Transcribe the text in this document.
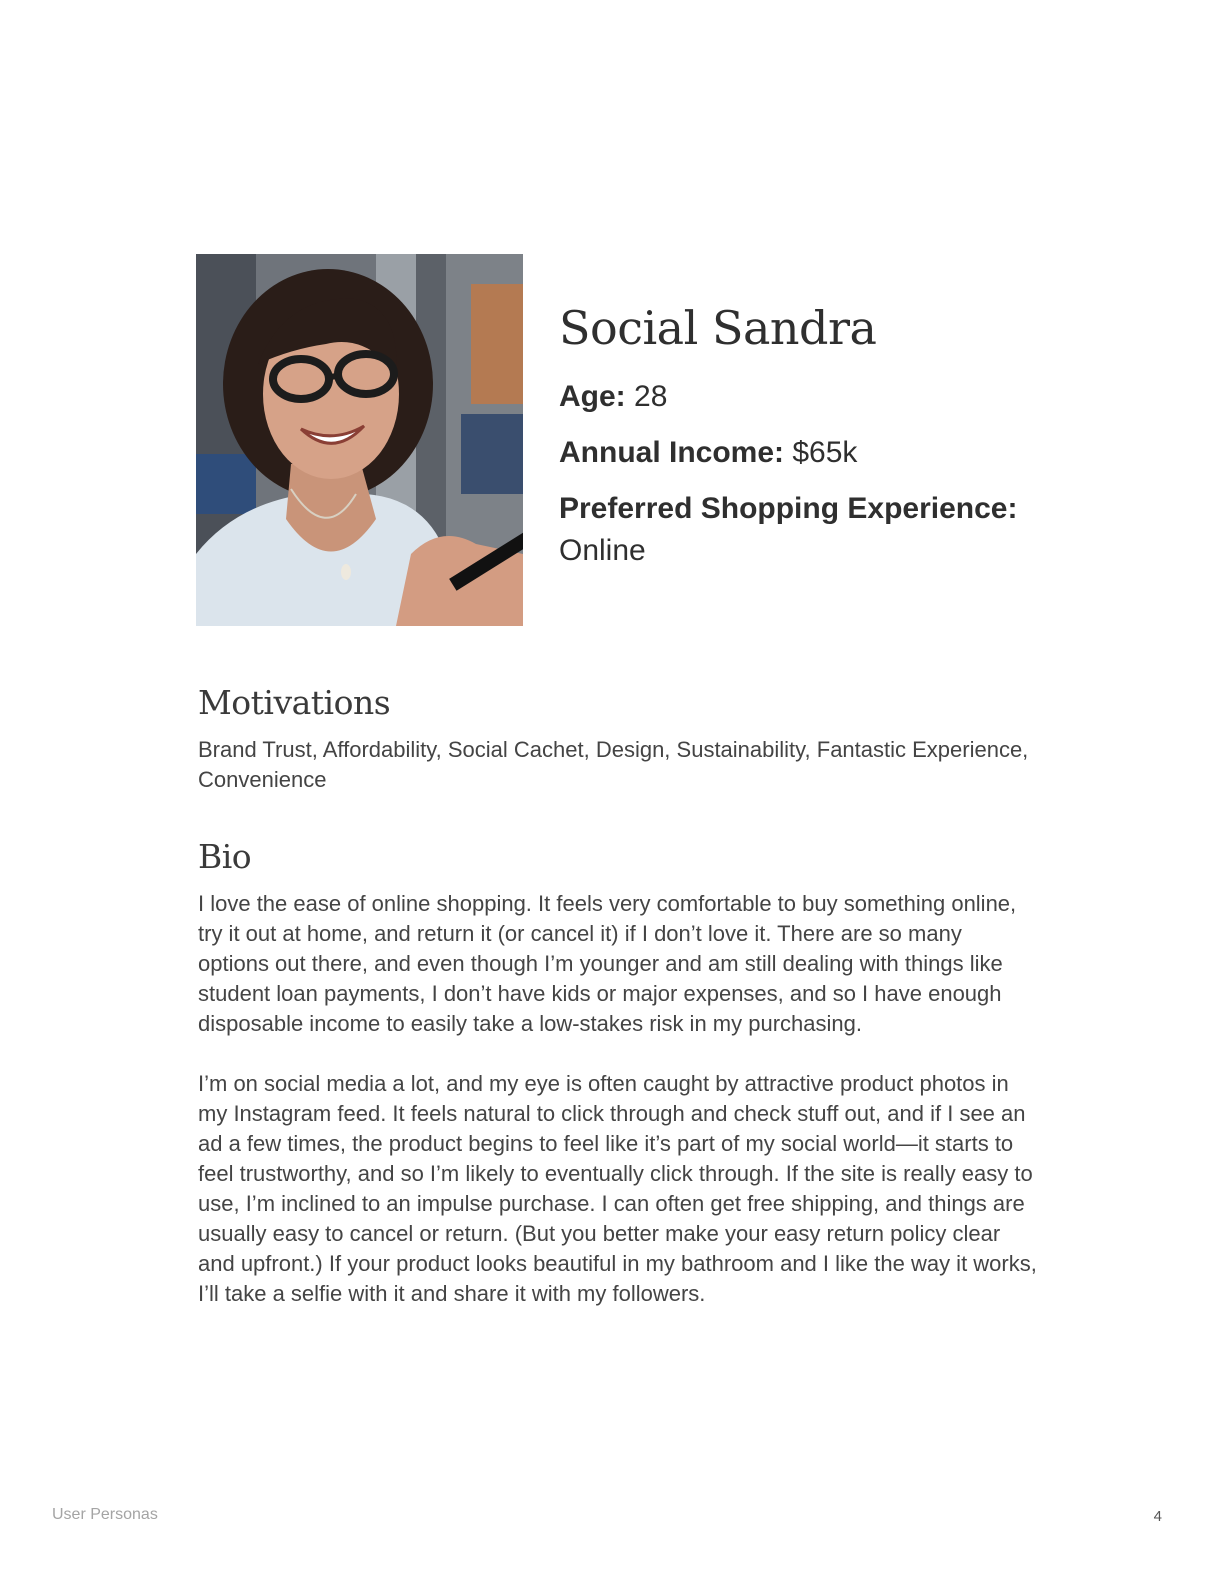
Social Sandra

Age: 28

Annual Income: $65k

Preferred Shopping Experience:
Online

Motivations

Brand Trust, Affordability, Social Cachet, Design, Sustainability, Fantastic Experience, Convenience

Bio

I love the ease of online shopping. It feels very comfortable to buy something online, try it out at home, and return it (or cancel it) if I don’t love it. There are so many options out there, and even though I’m younger and am still dealing with things like student loan payments, I don’t have kids or major expenses, and so I have enough disposable income to easily take a low-stakes risk in my purchasing.

I’m on social media a lot, and my eye is often caught by attractive product photos in my Instagram feed. It feels natural to click through and check stuff out, and if I see an ad a few times, the product begins to feel like it’s part of my social world—it starts to feel trustworthy, and so I’m likely to eventually click through. If the site is really easy to use, I’m inclined to an impulse purchase. I can often get free shipping, and things are usually easy to cancel or return. (But you better make your easy return policy clear and upfront.) If your product looks beautiful in my bathroom and I like the way it works, I’ll take a selfie with it and share it with my followers.

User Personas	4
